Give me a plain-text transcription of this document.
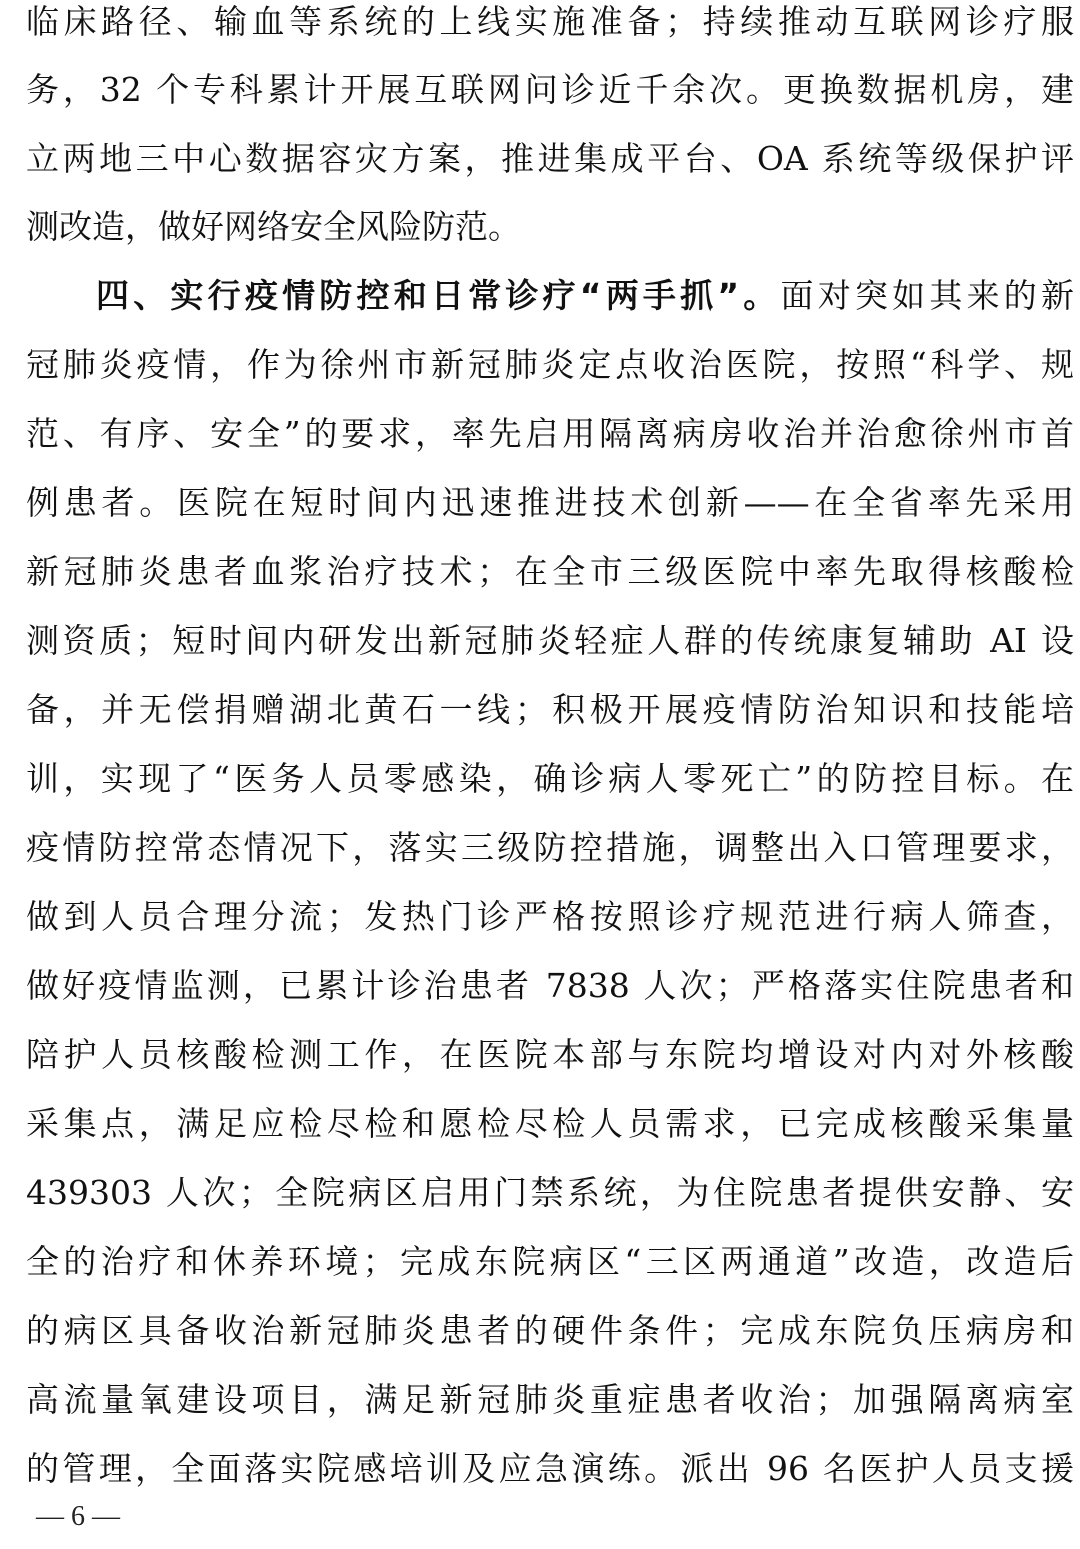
临床路径、输血等系统的上线实施准备；持续推动互联网诊疗服
务，32 个专科累计开展互联网问诊近千余次。更换数据机房，建
立两地三中心数据容灾方案，推进集成平台、OA 系统等级保护评
测改造，做好网络安全风险防范。
四、实行疫情防控和日常诊疗“两手抓”。面对突如其来的新
冠肺炎疫情，作为徐州市新冠肺炎定点收治医院，按照“科学、规
范、有序、安全”的要求，率先启用隔离病房收治并治愈徐州市首
例患者。医院在短时间内迅速推进技术创新——在全省率先采用
新冠肺炎患者血浆治疗技术；在全市三级医院中率先取得核酸检
测资质；短时间内研发出新冠肺炎轻症人群的传统康复辅助 AI 设
备，并无偿捐赠湖北黄石一线；积极开展疫情防治知识和技能培
训，实现了“医务人员零感染，确诊病人零死亡”的防控目标。在
疫情防控常态情况下，落实三级防控措施，调整出入口管理要求，
做到人员合理分流；发热门诊严格按照诊疗规范进行病人筛查，
做好疫情监测，已累计诊治患者 7838 人次；严格落实住院患者和
陪护人员核酸检测工作，在医院本部与东院均增设对内对外核酸
采集点，满足应检尽检和愿检尽检人员需求，已完成核酸采集量
439303 人次；全院病区启用门禁系统，为住院患者提供安静、安
全的治疗和休养环境；完成东院病区“三区两通道”改造，改造后
的病区具备收治新冠肺炎患者的硬件条件；完成东院负压病房和
高流量氧建设项目，满足新冠肺炎重症患者收治；加强隔离病室
的管理，全面落实院感培训及应急演练。派出 96 名医护人员支援
— 6 —
